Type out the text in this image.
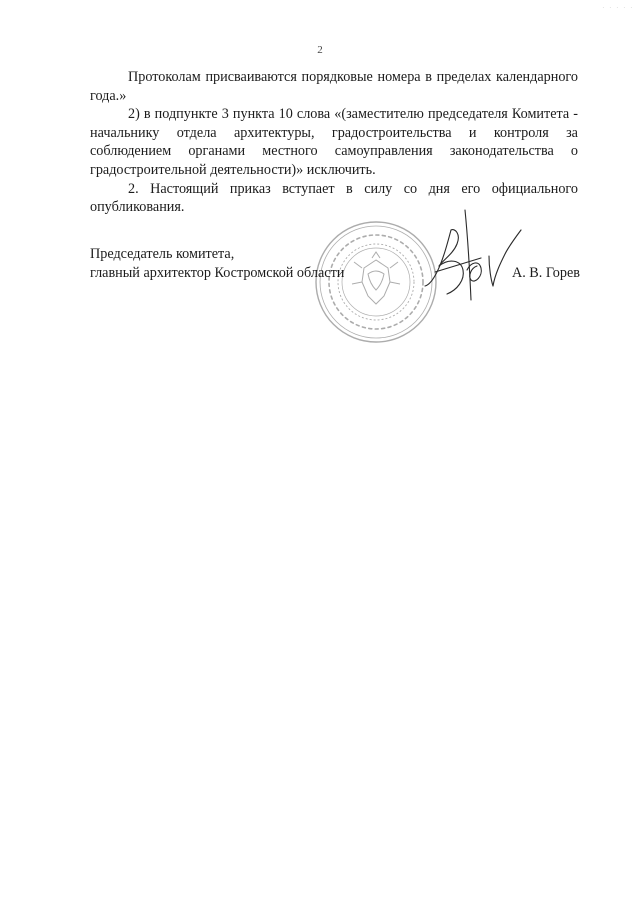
. . . . .
2

Протоколам присваиваются порядковые номера в пределах календарного года.»

2) в подпункте 3 пункта 10 слова «(заместителю председателя Комитета - начальнику отдела архитектуры, градостроительства и контроля за соблюдением органами местного самоуправления законодательства о градостроительной деятельности)» исключить.

2. Настоящий приказ вступает в силу со дня его официального опубликования.

Председатель комитета,

главный архитектор Костромской области	А. В. Горев
